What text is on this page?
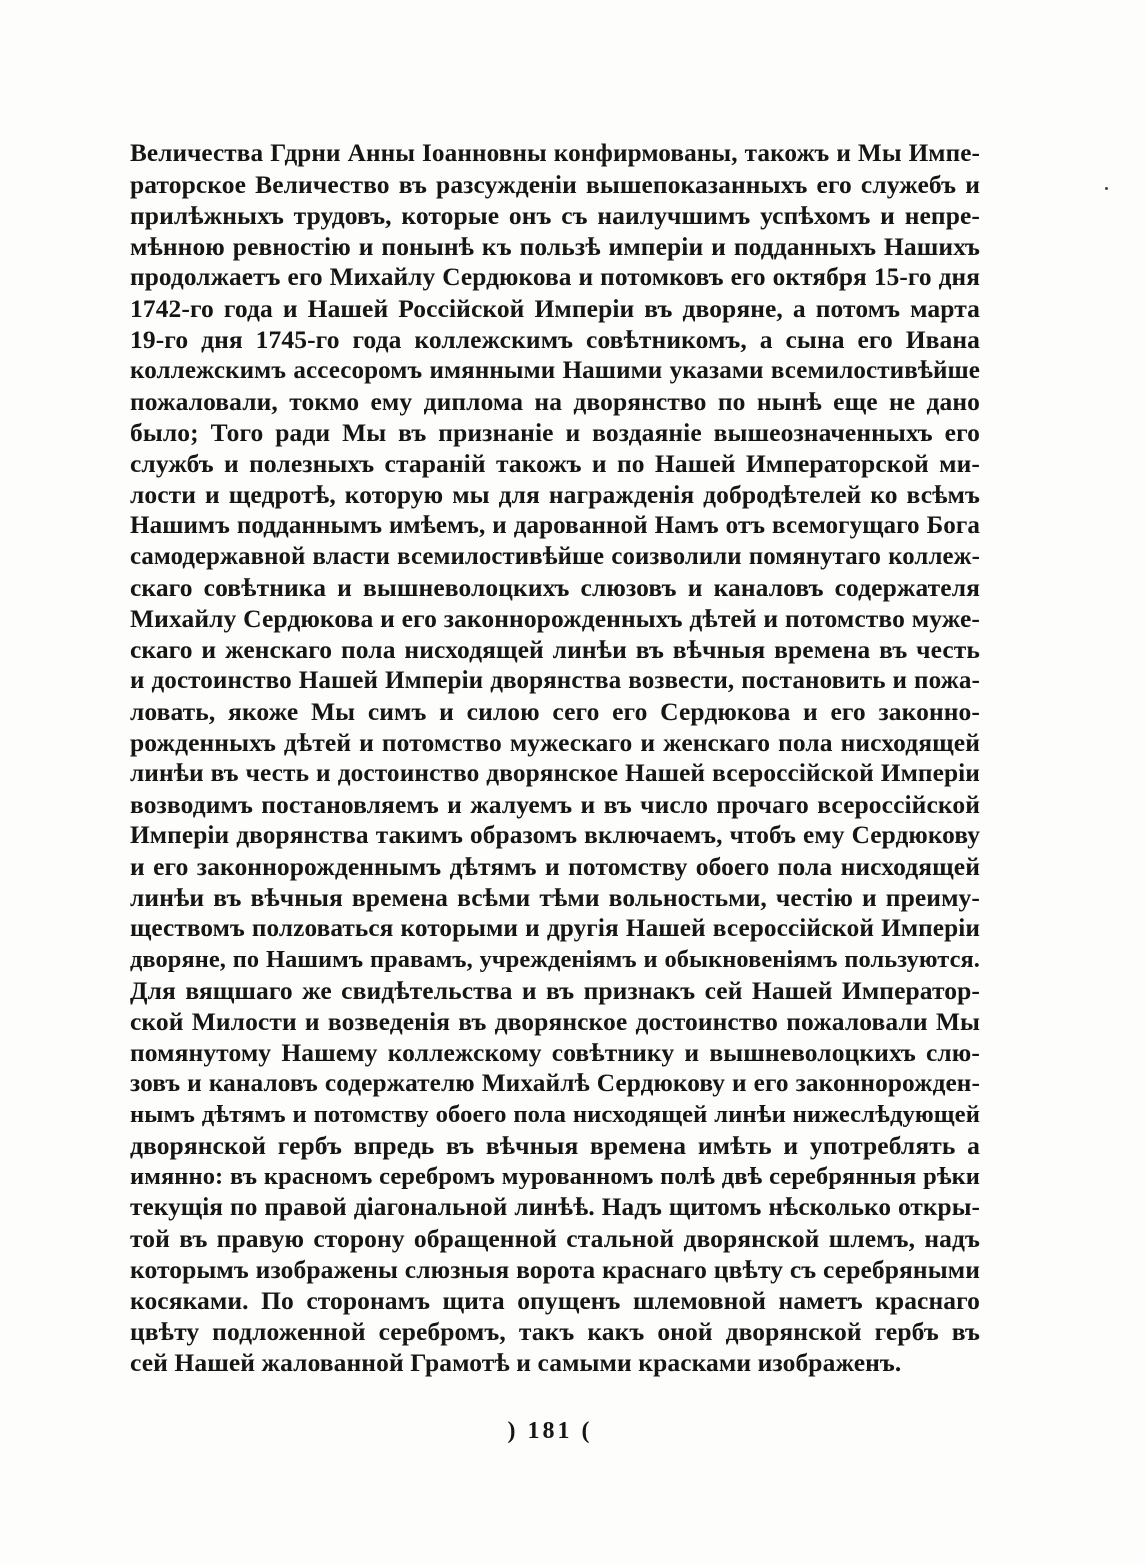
Величества Гдрни Анны Іоанновны конфирмованы, такожъ и Мы Импе-
раторское Величество въ разсужденіи вышепоказанныхъ его служебъ и
прилѣжныхъ трудовъ, которые онъ съ наилучшимъ успѣхомъ и непре-
мѣнною ревностію и понынѣ къ пользѣ имперіи и подданныхъ Нашихъ
продолжаетъ его Михайлу Сердюкова и потомковъ его октября 15-го дня
1742-го года и Нашей Россійской Имперіи въ дворяне, а потомъ марта
19-го дня 1745-го года коллежскимъ совѣтникомъ, а сына его Ивана
коллежскимъ ассесоромъ имянными Нашими указами всемилостивѣйше
пожаловали, токмо ему диплома на дворянство по нынѣ еще не дано
было; Того ради Мы въ признаніе и воздаяніе вышеозначенныхъ его
службъ и полезныхъ стараній такожъ и по Нашей Императорской ми-
лости и щедротѣ, которую мы для награжденія добродѣтелей ко всѣмъ
Нашимъ подданнымъ имѣемъ, и дарованной Намъ отъ всемогущаго Бога
самодержавной власти всемилостивѣйше соизволили помянутаго коллеж-
скаго совѣтника и вышневолоцкихъ слюзовъ и каналовъ содержателя
Михайлу Сердюкова и его законнорожденныхъ дѣтей и потомство муже-
скаго и женскаго пола нисходящей линѣи въ вѣчныя времена въ честь
и достоинство Нашей Имперіи дворянства возвести, постановить и пожа-
ловать, якоже Мы симъ и силою сего его Сердюкова и его законно-
рожденныхъ дѣтей и потомство мужескаго и женскаго пола нисходящей
линѣи въ честь и достоинство дворянское Нашей всероссійской Имперіи
возводимъ постановляемъ и жалуемъ и въ число прочаго всероссійской
Имперіи дворянства такимъ образомъ включаемъ, чтобъ ему Сердюкову
и его законнорожденнымъ дѣтямъ и потомству обоего пола нисходящей
линѣи въ вѣчныя времена всѣми тѣми вольностьми, честію и преиму-
ществомъ полzоваться которыми и другія Нашей всероссійской Имперіи
дворяне, по Нашимъ правамъ, учрежденіямъ и обыкновеніямъ пользуются.
Для вящшаго же свидѣтельства и въ признакъ сей Нашей Император-
ской Милости и возведенія въ дворянское достоинство пожаловали Мы
помянутому Нашему коллежскому совѣтнику и вышневолоцкихъ слю-
зовъ и каналовъ содержателю Михайлѣ Сердюкову и его законнорожден-
нымъ дѣтямъ и потомству обоего пола нисходящей линѣи нижеслѣдующей
дворянской гербъ впредь въ вѣчныя времена имѣть и употреблять а
имянно: въ красномъ серебромъ мурованномъ полѣ двѣ серебрянныя рѣки
текущія по правой діагональной линѣѣ. Надъ щитомъ нѣсколько откры-
той въ правую сторону обращенной стальной дворянской шлемъ, надъ
которымъ изображены слюзныя ворота краснаго цвѣту съ серебряными
косяками. По сторонамъ щита опущенъ шлемовной наметъ краснаго
цвѣту подложенной серебромъ, такъ какъ оной дворянской гербъ въ
сей Нашей жалованной Грамотѣ и самыми красками изображенъ.
) 181 (
